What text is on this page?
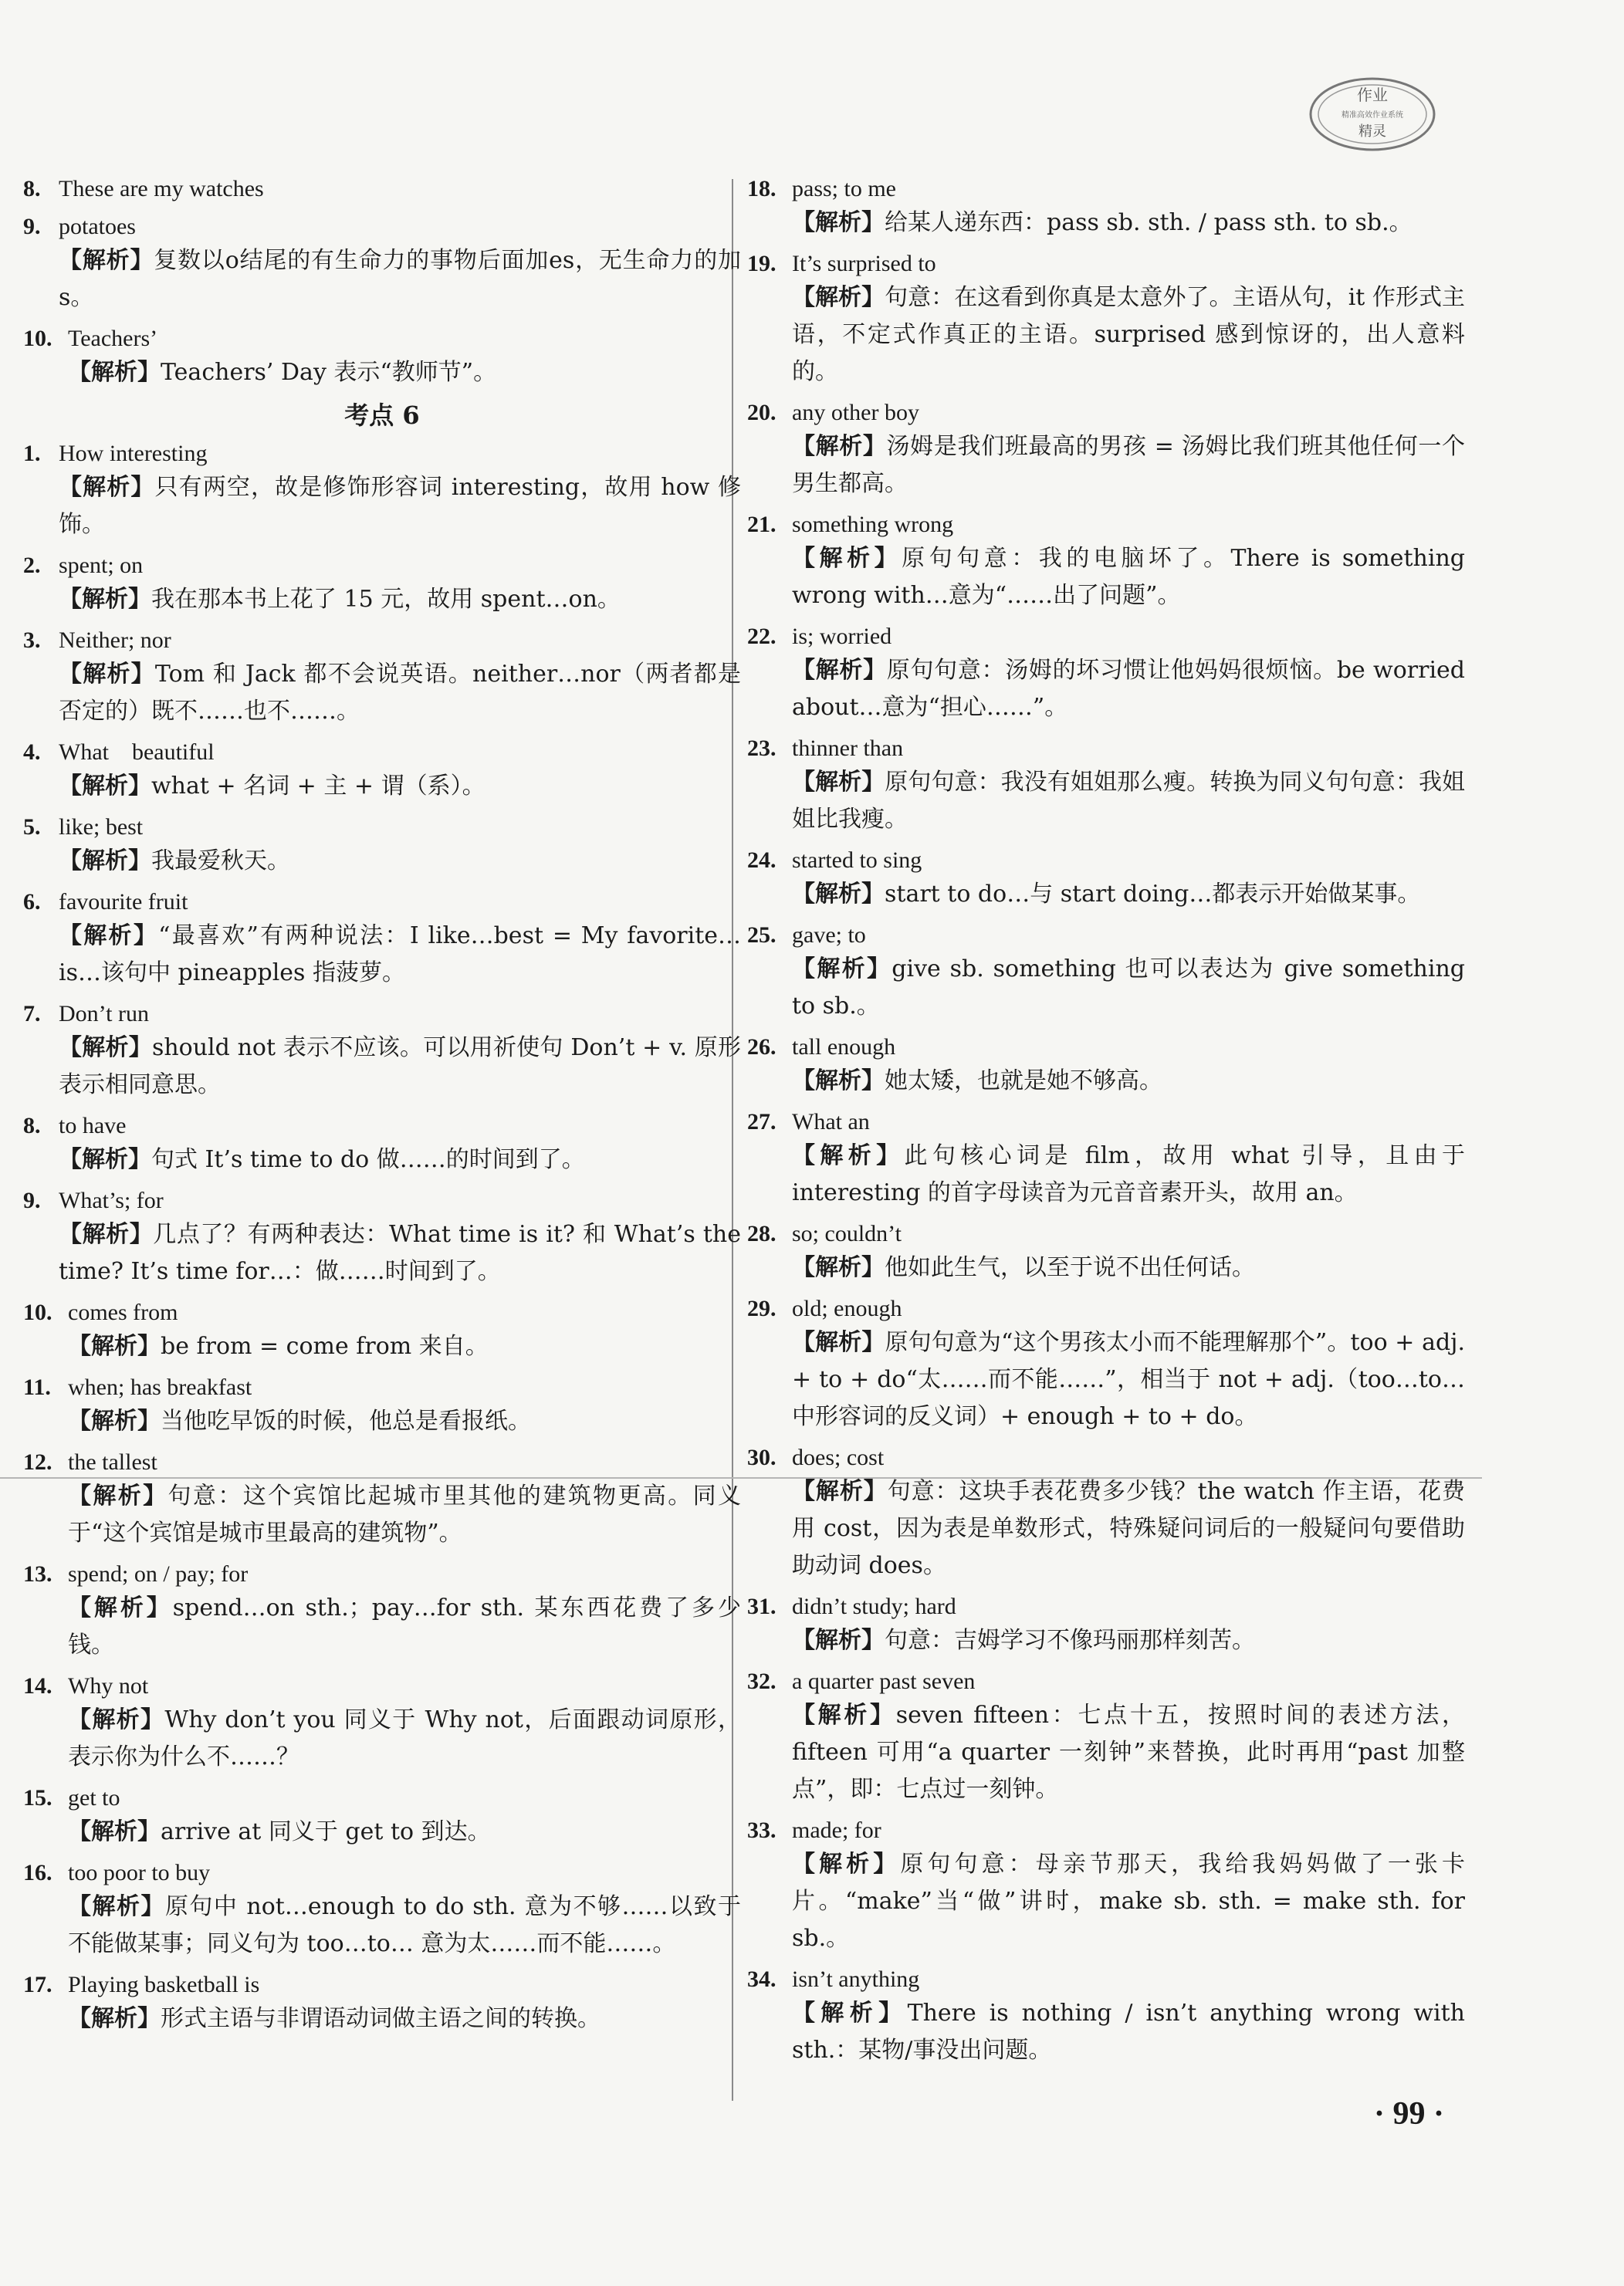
作业
精准高效作业系统
精灵
8. These are my watches
9. potatoes
【解析】复数以o结尾的有生命力的事物后面加es，无生命力的加s。
10. Teachers’
【解析】Teachers’ Day 表示“教师节”。
考点 6
1. How interesting
【解析】只有两空，故是修饰形容词 interesting，故用 how 修饰。
2. spent; on
【解析】我在那本书上花了 15 元，故用 spent…on。
3. Neither; nor
【解析】Tom 和 Jack 都不会说英语。neither…nor（两者都是否定的）既不……也不……。
4. What    beautiful
【解析】what + 名词 + 主 + 谓（系）。
5. like; best
【解析】我最爱秋天。
6. favourite fruit
【解析】“最喜欢”有两种说法：I like…best = My favorite…is…该句中 pineapples 指菠萝。
7. Don’t run
【解析】should not 表示不应该。可以用祈使句 Don’t + v. 原形表示相同意思。
8. to have
【解析】句式 It’s time to do 做……的时间到了。
9. What’s; for
【解析】几点了？有两种表达：What time is it? 和 What’s the time? It’s time for…：做……时间到了。
10. comes from
【解析】be from = come from 来自。
11. when; has breakfast
【解析】当他吃早饭的时候，他总是看报纸。
12. the tallest
【解析】句意：这个宾馆比起城市里其他的建筑物更高。同义于“这个宾馆是城市里最高的建筑物”。
13. spend; on / pay; for
【解析】spend…on sth.；pay…for sth. 某东西花费了多少钱。
14. Why not
【解析】Why don’t you 同义于 Why not，后面跟动词原形，表示你为什么不……？
15. get to
【解析】arrive at 同义于 get to 到达。
16. too poor to buy
【解析】原句中 not…enough to do sth. 意为不够……以致于不能做某事；同义句为 too…to… 意为太……而不能……。
17. Playing basketball is
【解析】形式主语与非谓语动词做主语之间的转换。
18. pass; to me
【解析】给某人递东西：pass sb. sth. / pass sth. to sb.。
19. It’s surprised to
【解析】句意：在这看到你真是太意外了。主语从句，it 作形式主语，不定式作真正的主语。surprised 感到惊讶的，出人意料的。
20. any other boy
【解析】汤姆是我们班最高的男孩 = 汤姆比我们班其他任何一个男生都高。
21. something wrong
【解析】原句句意：我的电脑坏了。There is something wrong with…意为“……出了问题”。
22. is; worried
【解析】原句句意：汤姆的坏习惯让他妈妈很烦恼。be worried about…意为“担心……”。
23. thinner than
【解析】原句句意：我没有姐姐那么瘦。转换为同义句句意：我姐姐比我瘦。
24. started to sing
【解析】start to do…与 start doing…都表示开始做某事。
25. gave; to
【解析】give sb. something 也可以表达为 give something to sb.。
26. tall enough
【解析】她太矮，也就是她不够高。
27. What an
【解析】此句核心词是 film，故用 what 引导，且由于 interesting 的首字母读音为元音音素开头，故用 an。
28. so; couldn’t
【解析】他如此生气，以至于说不出任何话。
29. old; enough
【解析】原句句意为“这个男孩太小而不能理解那个”。too + adj. + to + do“太……而不能……”，相当于 not + adj.（too…to… 中形容词的反义词）+ enough + to + do。
30. does; cost
【解析】句意：这块手表花费多少钱？the watch 作主语，花费用 cost，因为表是单数形式，特殊疑问词后的一般疑问句要借助助动词 does。
31. didn’t study; hard
【解析】句意：吉姆学习不像玛丽那样刻苦。
32. a quarter past seven
【解析】seven fifteen：七点十五，按照时间的表述方法，fifteen 可用“a quarter 一刻钟”来替换，此时再用“past 加整点”，即：七点过一刻钟。
33. made; for
【解析】原句句意：母亲节那天，我给我妈妈做了一张卡片。“make”当“做”讲时，make sb. sth. = make sth. for sb.。
34. isn’t anything
【解析】There is nothing / isn’t anything wrong with sth.：某物/事没出问题。
· 99 ·
